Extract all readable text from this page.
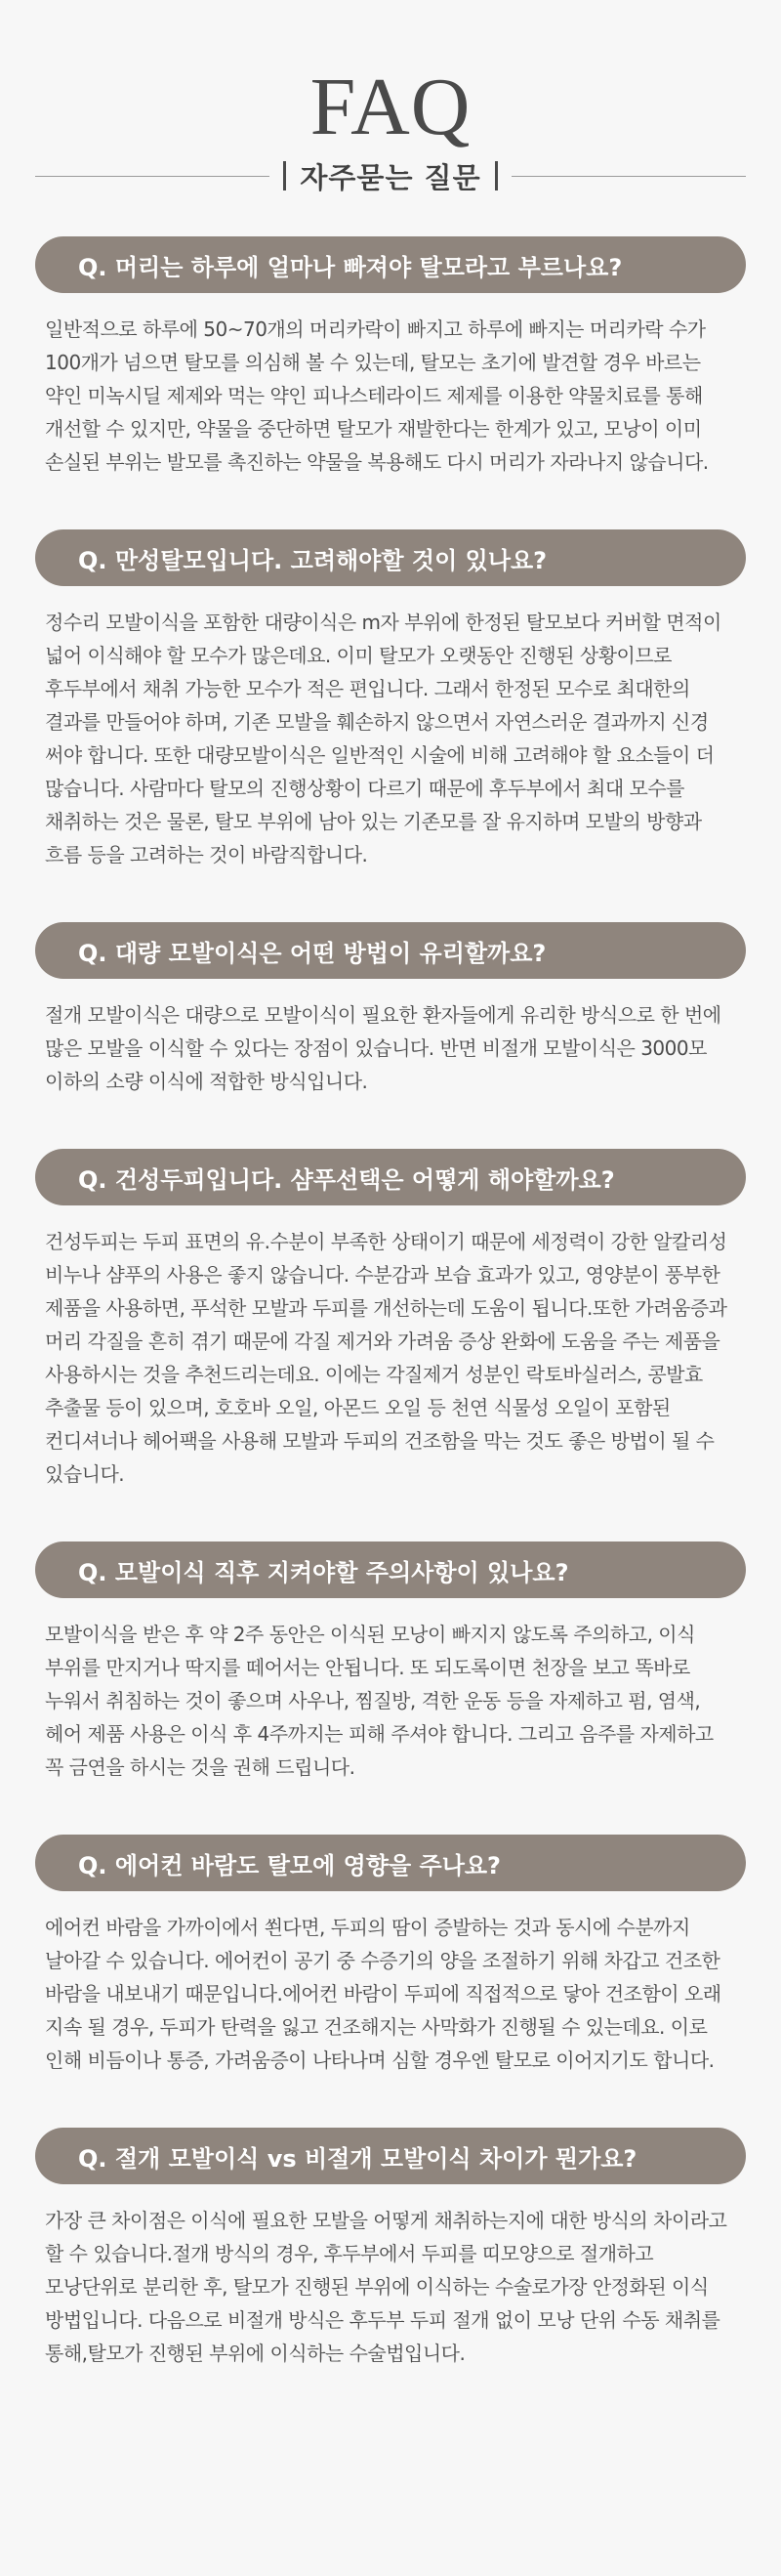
FAQ
자주묻는 질문
Q. 머리는 하루에 얼마나 빠져야 탈모라고 부르나요?

일반적으로 하루에 50~70개의 머리카락이 빠지고 하루에 빠지는 머리카락 수가 100개가 넘으면 탈모를 의심해 볼 수 있는데, 탈모는 초기에 발견할 경우 바르는 약인 미녹시딜 제제와 먹는 약인 피나스테라이드 제제를 이용한 약물치료를 통해 개선할 수 있지만, 약물을 중단하면 탈모가 재발한다는 한계가 있고, 모낭이 이미 손실된 부위는 발모를 촉진하는 약물을 복용해도 다시 머리가 자라나지 않습니다.

Q. 만성탈모입니다. 고려해야할 것이 있나요?

정수리 모발이식을 포함한 대량이식은 m자 부위에 한정된 탈모보다 커버할 면적이 넓어 이식해야 할 모수가 많은데요. 이미 탈모가 오랫동안 진행된 상황이므로 후두부에서 채취 가능한 모수가 적은 편입니다. 그래서 한정된 모수로 최대한의 결과를 만들어야 하며, 기존 모발을 훼손하지 않으면서 자연스러운 결과까지 신경 써야 합니다. 또한 대량모발이식은 일반적인 시술에 비해 고려해야 할 요소들이 더 많습니다. 사람마다 탈모의 진행상황이 다르기 때문에 후두부에서 최대 모수를 채취하는 것은 물론, 탈모 부위에 남아 있는 기존모를 잘 유지하며 모발의 방향과 흐름 등을 고려하는 것이 바람직합니다.

Q. 대량 모발이식은 어떤 방법이 유리할까요?

절개 모발이식은 대량으로 모발이식이 필요한 환자들에게 유리한 방식으로 한 번에 많은 모발을 이식할 수 있다는 장점이 있습니다. 반면 비절개 모발이식은 3000모 이하의 소량 이식에 적합한 방식입니다.

Q. 건성두피입니다. 샴푸선택은 어떻게 해야할까요?

건성두피는 두피 표면의 유.수분이 부족한 상태이기 때문에 세정력이 강한 알칼리성 비누나 샴푸의 사용은 좋지 않습니다. 수분감과 보습 효과가 있고, 영양분이 풍부한 제품을 사용하면, 푸석한 모발과 두피를 개선하는데 도움이 됩니다.또한 가려움증과 머리 각질을 흔히 겪기 때문에 각질 제거와 가려움 증상 완화에 도움을 주는 제품을 사용하시는 것을 추천드리는데요. 이에는 각질제거 성분인 락토바실러스, 콩발효 추출물 등이 있으며, 호호바 오일, 아몬드 오일 등 천연 식물성 오일이 포함된 컨디셔너나 헤어팩을 사용해 모발과 두피의 건조함을 막는 것도 좋은 방법이 될 수 있습니다.

Q. 모발이식 직후 지켜야할 주의사항이 있나요?

모발이식을 받은 후 약 2주 동안은 이식된 모낭이 빠지지 않도록 주의하고, 이식 부위를 만지거나 딱지를 떼어서는 안됩니다. 또 되도록이면 천장을 보고 똑바로 누워서 취침하는 것이 좋으며 사우나, 찜질방, 격한 운동 등을 자제하고 펌, 염색, 헤어 제품 사용은 이식 후 4주까지는 피해 주셔야 합니다. 그리고 음주를 자제하고 꼭 금연을 하시는 것을 권해 드립니다.

Q. 에어컨 바람도 탈모에 영향을 주나요?

에어컨 바람을 가까이에서 쐰다면, 두피의 땀이 증발하는 것과 동시에 수분까지 날아갈 수 있습니다. 에어컨이 공기 중 수증기의 양을 조절하기 위해 차갑고 건조한 바람을 내보내기 때문입니다.에어컨 바람이 두피에 직접적으로 닿아 건조함이 오래 지속 될 경우, 두피가 탄력을 잃고 건조해지는 사막화가 진행될 수 있는데요. 이로 인해 비듬이나 통증, 가려움증이 나타나며 심할 경우엔 탈모로 이어지기도 합니다.

Q. 절개 모발이식 vs 비절개 모발이식 차이가 뭔가요?

가장 큰 차이점은 이식에 필요한 모발을 어떻게 채취하는지에 대한 방식의 차이라고 할 수 있습니다.절개 방식의 경우, 후두부에서 두피를 띠모양으로 절개하고 모낭단위로 분리한 후, 탈모가 진행된 부위에 이식하는 수술로가장 안정화된 이식 방법입니다. 다음으로 비절개 방식은 후두부 두피 절개 없이 모낭 단위 수동 채취를 통해,탈모가 진행된 부위에 이식하는 수술법입니다.
